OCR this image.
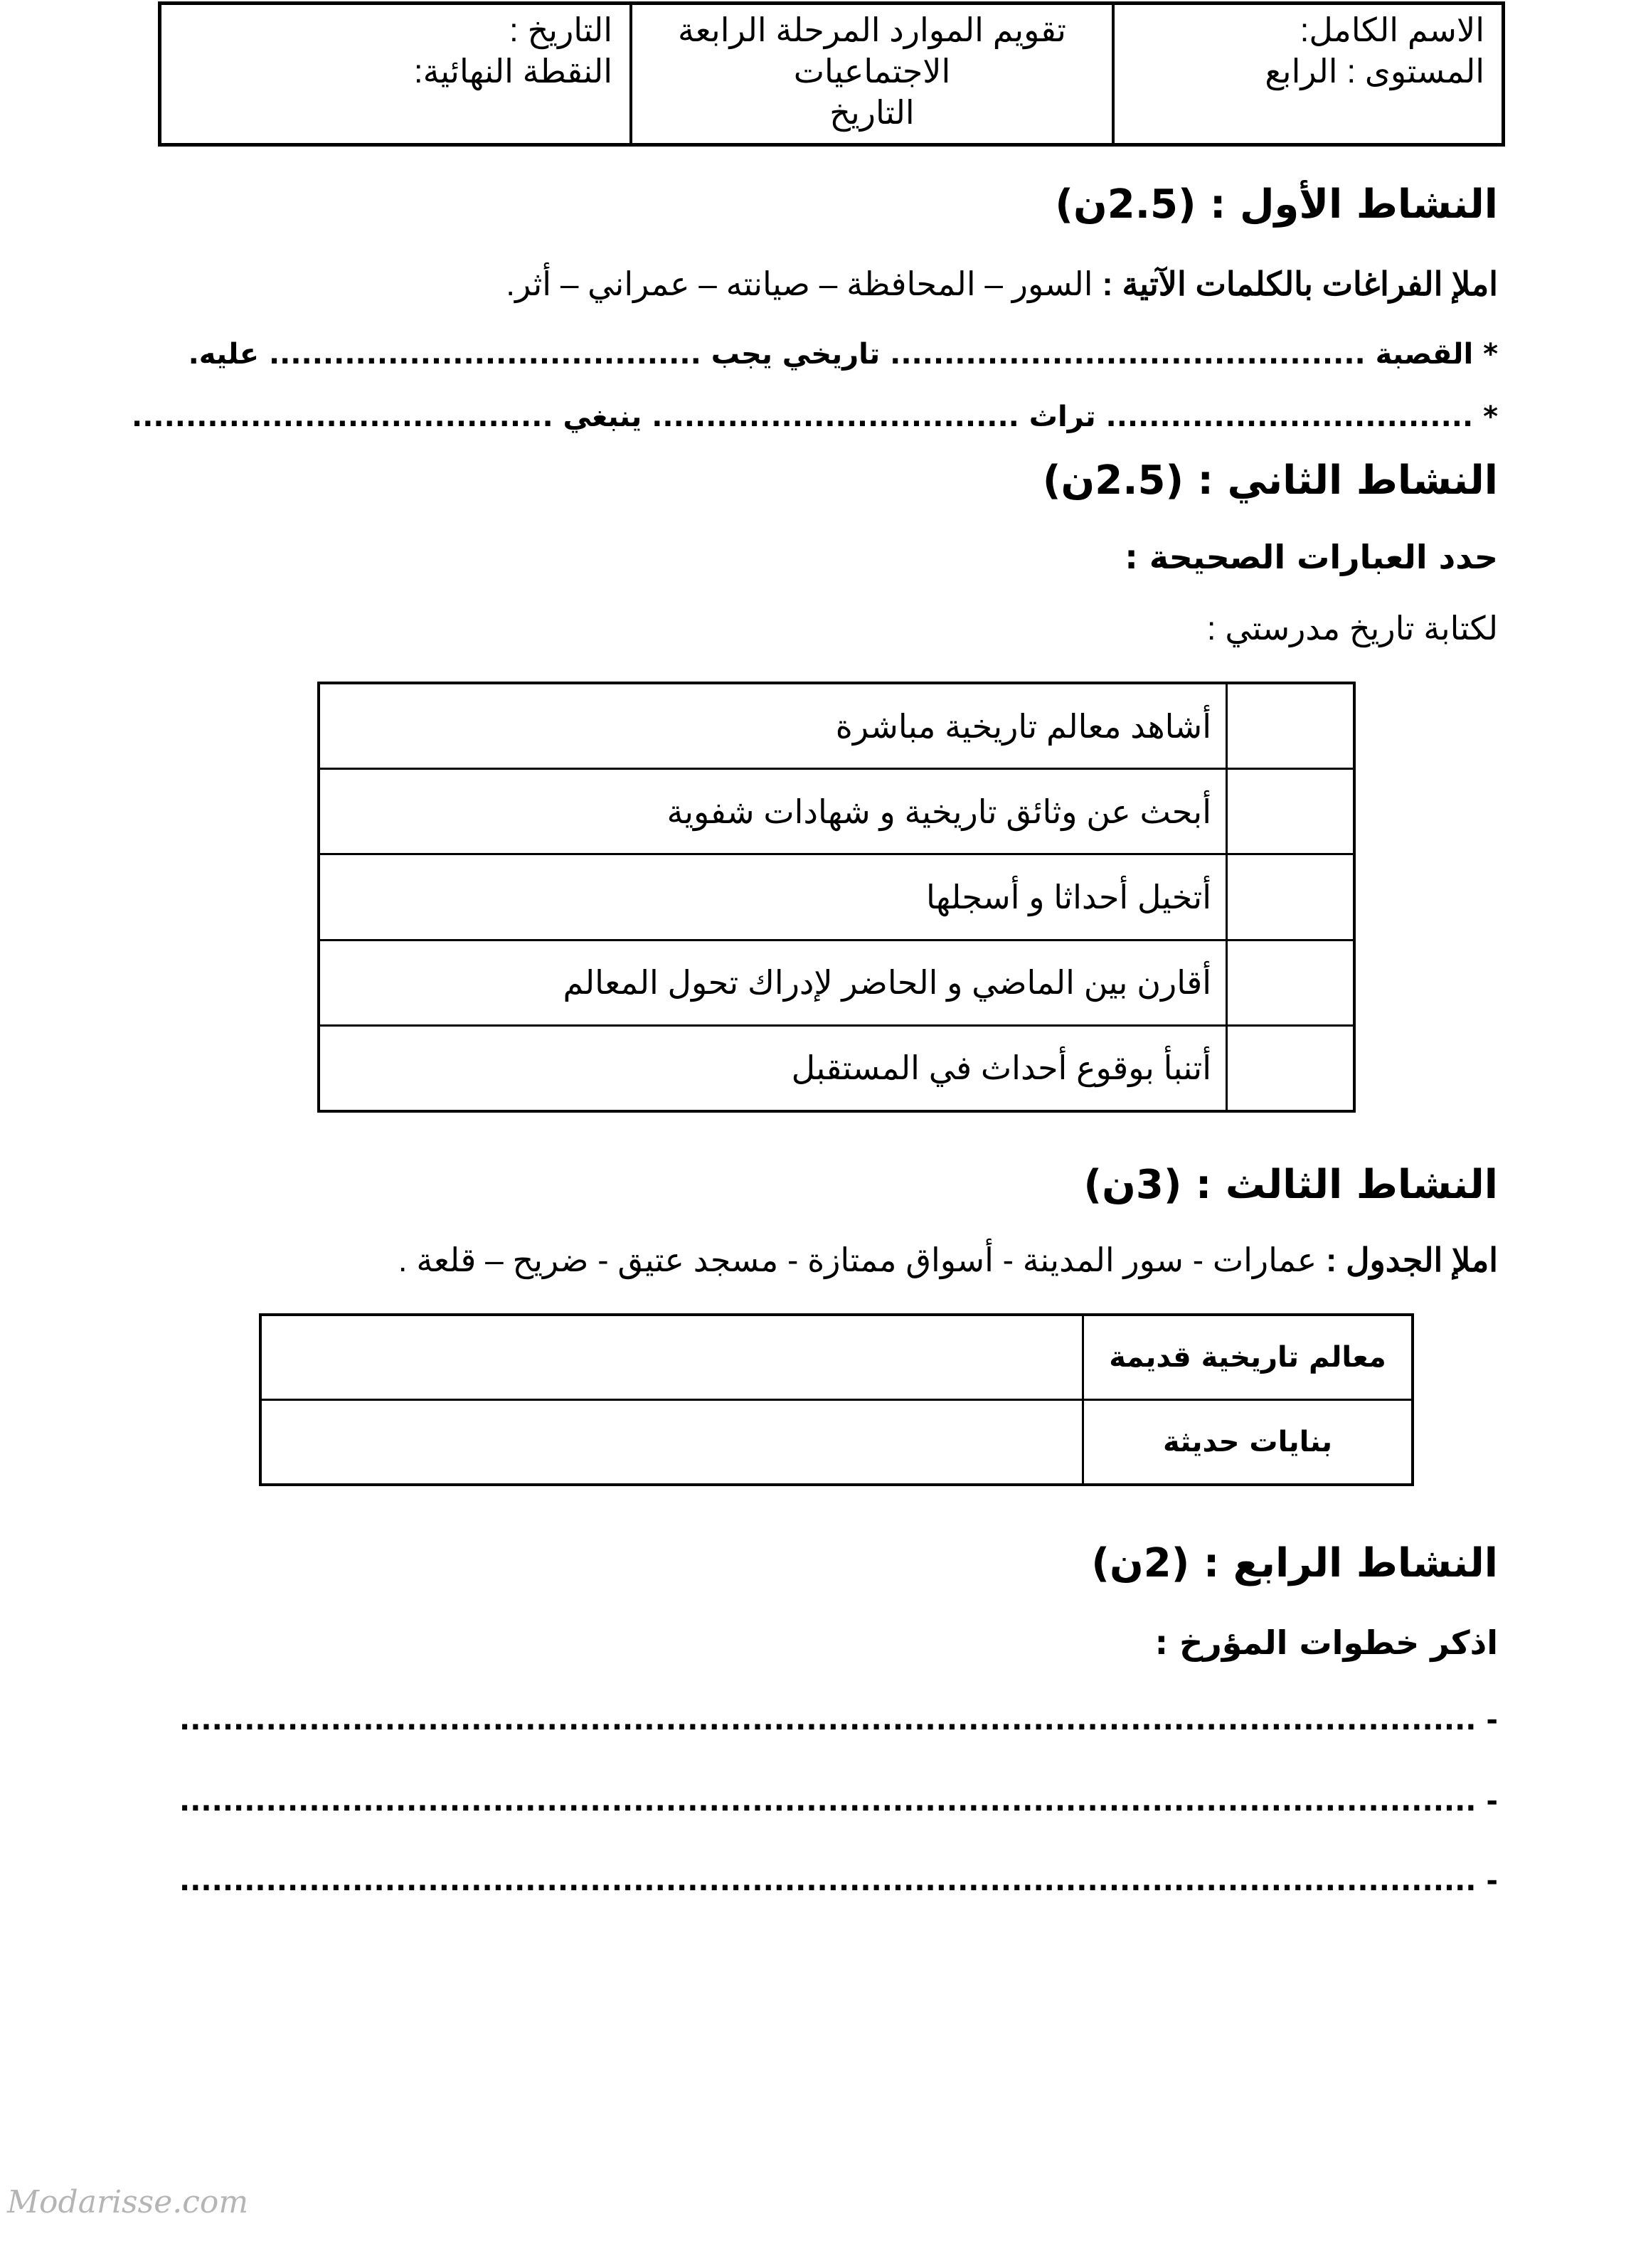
التاريخ :
النقطة النهائية:

تقويم الموارد المرحلة الرابعة
الاجتماعيات
التاريخ

الاسم الكامل:
المستوى : الرابع
النشاط الأول : (2.5ن)
املإ الفراغات بالكلمات الآتية : السور – المحافظة – صيانته – عمراني – أثر.
* القصبة ............................................ تاريخي يجب ........................................ عليه.
* .................................. تراث .................................. ينبغي .......................................
النشاط الثاني : (2.5ن)
حدد العبارات الصحيحة :
لكتابة تاريخ مدرستي :
أشاهد معالم تاريخية مباشرة	
أبحث عن وثائق تاريخية و شهادات شفوية	
أتخيل أحداثا و أسجلها	
أقارن بين الماضي و الحاضر لإدراك تحول المعالم	
أتنبأ بوقوع أحداث في المستقبل	
النشاط الثالث : (3ن)
املإ الجدول : عمارات - سور المدينة - أسواق ممتازة - مسجد عتيق - ضريح – قلعة .
	معالم تاريخية قديمة
	بنايات حديثة
النشاط الرابع : (2ن)
اذكر خطوات المؤرخ :
- ........................................................................................................................
- ........................................................................................................................
- ........................................................................................................................
Modarisse.com
